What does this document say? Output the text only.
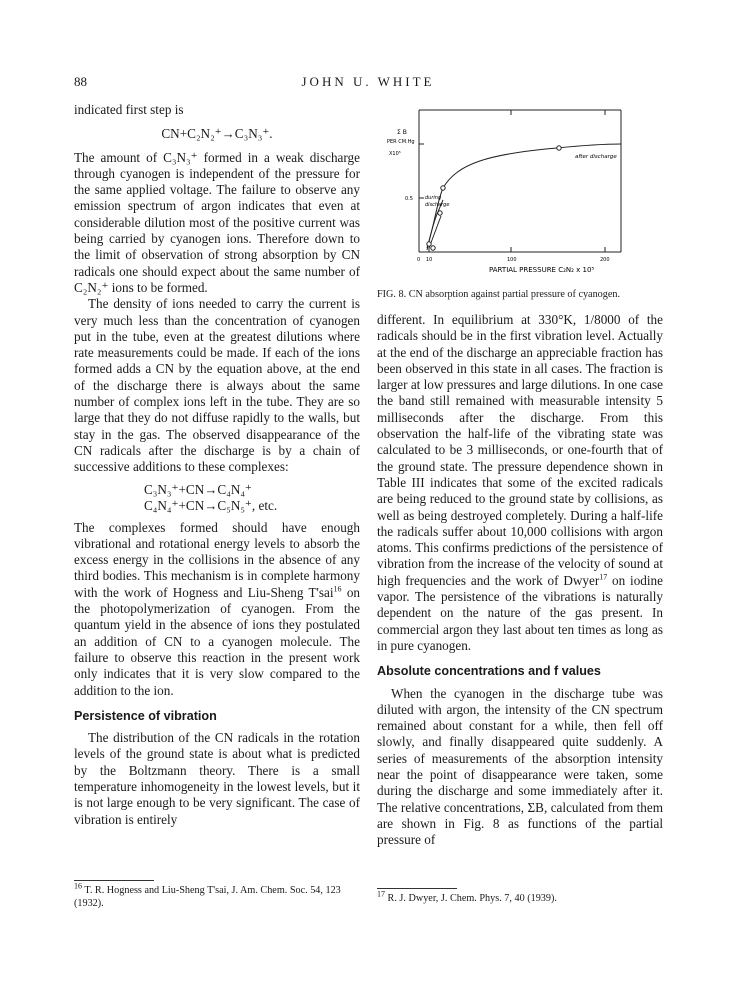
88	JOHN U. WHITE

indicated first step is

CN+C₂N₂⁺→C₃N₃⁺.

The amount of C₃N₃⁺ formed in a weak discharge through cyanogen is independent of the pressure for the same applied voltage. The failure to observe any emission spectrum of argon indicates that even at considerable dilution most of the positive current was being carried by cyanogen ions. Therefore down to the limit of observation of strong absorption by CN radicals one should expect about the same number of C₂N₂⁺ ions to be formed.

The density of ions needed to carry the current is very much less than the concentration of cyanogen put in the tube, even at the greatest dilutions where rate measurements could be made. If each of the ions formed adds a CN by the equation above, at the end of the discharge there is always about the same number of complex ions left in the tube. They are so large that they do not diffuse rapidly to the walls, but stay in the gas. The observed disappearance of the CN radicals after the discharge is by a chain of successive additions to these complexes:

C₃N₃⁺+CN→C₄N₄⁺
C₄N₄⁺+CN→C₅N₅⁺, etc.

The complexes formed should have enough vibrational and rotational energy levels to absorb the excess energy in the collisions in the absence of any third bodies. This mechanism is in complete harmony with the work of Hogness and Liu-Sheng T'sai$^{16}$ on the photopolymerization of cyanogen. From the quantum yield in the absence of ions they postulated an addition of CN to a cyanogen molecule. The failure to observe this reaction in the present work only indicates that it is very slow compared to the addition to the ion.

Persistence of vibration

The distribution of the CN radicals in the rotation levels of the ground state is about what is predicted by the Boltzmann theory. There is a small temperature inhomogeneity in the lowest levels, but it is not large enough to be very significant. The case of vibration is entirely

$^{16}$ T. R. Hogness and Liu-Sheng T'sai, J. Am. Chem. Soc. 54, 123 (1932).
Σ B
PER CM.Hg
X10⁵
0.5
0 10	100	200
PARTIAL PRESSURE C₂N₂ x 10⁵
after discharge
during
discharge
FIG. 8. CN absorption against partial pressure of cyanogen.

different. In equilibrium at 330°K, 1/8000 of the radicals should be in the first vibration level. Actually at the end of the discharge an appreciable fraction has been observed in this state in all cases. The fraction is larger at low pressures and large dilutions. In one case the band still remained with measurable intensity 5 milliseconds after the discharge. From this observation the half-life of the vibrating state was calculated to be 3 milliseconds, or one-fourth that of the ground state. The pressure dependence shown in Table III indicates that some of the excited radicals are being reduced to the ground state by collisions, as well as being destroyed completely. During a half-life the radicals suffer about 10,000 collisions with argon atoms. This confirms predictions of the persistence of vibration from the increase of the velocity of sound at high frequencies and the work of Dwyer$^{17}$ on iodine vapor. The persistence of the vibrations is naturally dependent on the nature of the gas present. In commercial argon they last about ten times as long as in pure cyanogen.

Absolute concentrations and f values

When the cyanogen in the discharge tube was diluted with argon, the intensity of the CN spectrum remained about constant for a while, then fell off slowly, and finally disappeared quite suddenly. A series of measurements of the absorption intensity near the point of disappearance were taken, some during the discharge and some immediately after it. The relative concentrations, ΣB, calculated from them are shown in Fig. 8 as functions of the partial pressure of

$^{17}$ R. J. Dwyer, J. Chem. Phys. 7, 40 (1939).
